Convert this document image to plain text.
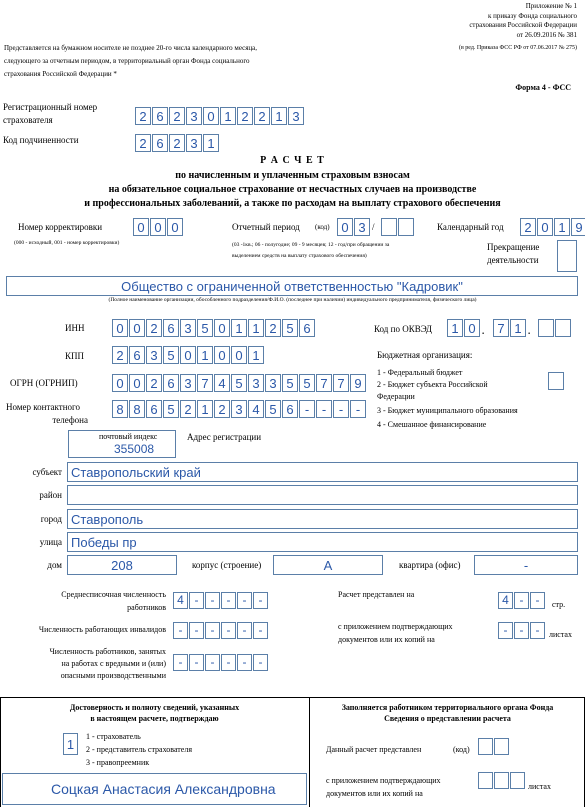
Приложение № 1
к приказу Фонда социального
страхования Российской Федерации
от 26.09.2016 № 381
(в ред. Приказа ФСС РФ от 07.06.2017 № 275)
Представляется на бумажном носителе не позднее 20-го числа календарного месяца,
следующего за отчетным периодом, в территориальный орган Фонда социального
страхования Российской Федерации *
Форма 4 - ФСС
Регистрационный номер
страхователя	2 6 2 3 0 1 2 2 1 3
Код подчиненности	2 6 2 3 1
Р А С Ч Е Т
по начисленным и уплаченным страховым взносам
на обязательное социальное страхование от несчастных случаев на производстве
и профессиональных заболеваний, а также по расходам на выплату страхового обеспечения
Номер корректировки	0 0 0
(000 - исходный, 001 - номер корректировки)
Отчетный период (код) 0 3 /
(03 -1кв.; 06 - полугодие; 09 - 9 месяцев; 12 - год/при обращении за
выделением средств на выплату страхового обеспечения)
Календарный год	2 0 1 9
Прекращение
деятельности
Общество с ограниченной ответственностью "Кадровик"
(Полное наименование организации, обособленного подразделения/Ф.И.О. (последнее при наличии) индивидуального предпринимателя, физического лица)
ИНН	0 0 2 6 3 5 0 1 1 2 5 6
КПП	2 6 3 5 0 1 0 0 1
ОГРН (ОГРНИП)	0 0 2 6 3 7 4 5 3 3 5 5 7 7 9
Номер контактного
телефона
8 8 6 5 2 1 2 3 4 5 6 - - - -
Код по ОКВЭД	1 0 .	7 1 .
Бюджетная организация:
1 - Федеральный бюджет
2 - Бюджет субъекта Российской
Федерации
3 - Бюджет муниципального образования
4 - Смешанное финансирование
почтовый индекс
355008
Адрес регистрации
субъект Ставропольский край
район
город Ставрополь
улица Победы пр
дом	208	корпус (строение)	А	квартира (офис)	-
Среднесписочная численность
работников
4 -	-	-	-	-
Численность работающих инвалидов	-	-	-	-	-	-
Численность работников, занятых
на работах с вредными и (или)
опасными производственными
-	-	-	-	-	-
Расчет представлен на	4 -	-	стр.
с приложением подтверждающих
документов или их копий на
-	-	-	листах
Достоверность и полноту сведений, указанных
в настоящем расчете, подтверждаю
1
1 - страхователь
2 - представитель страхователя
3 - правопреемник
Соцкая Анастасия Александровна
Заполняется работником территориального органа Фонда
Сведения о представлении расчета
Данный расчет представлен	(код)
с приложением подтверждающих
документов или их копий на
листах
